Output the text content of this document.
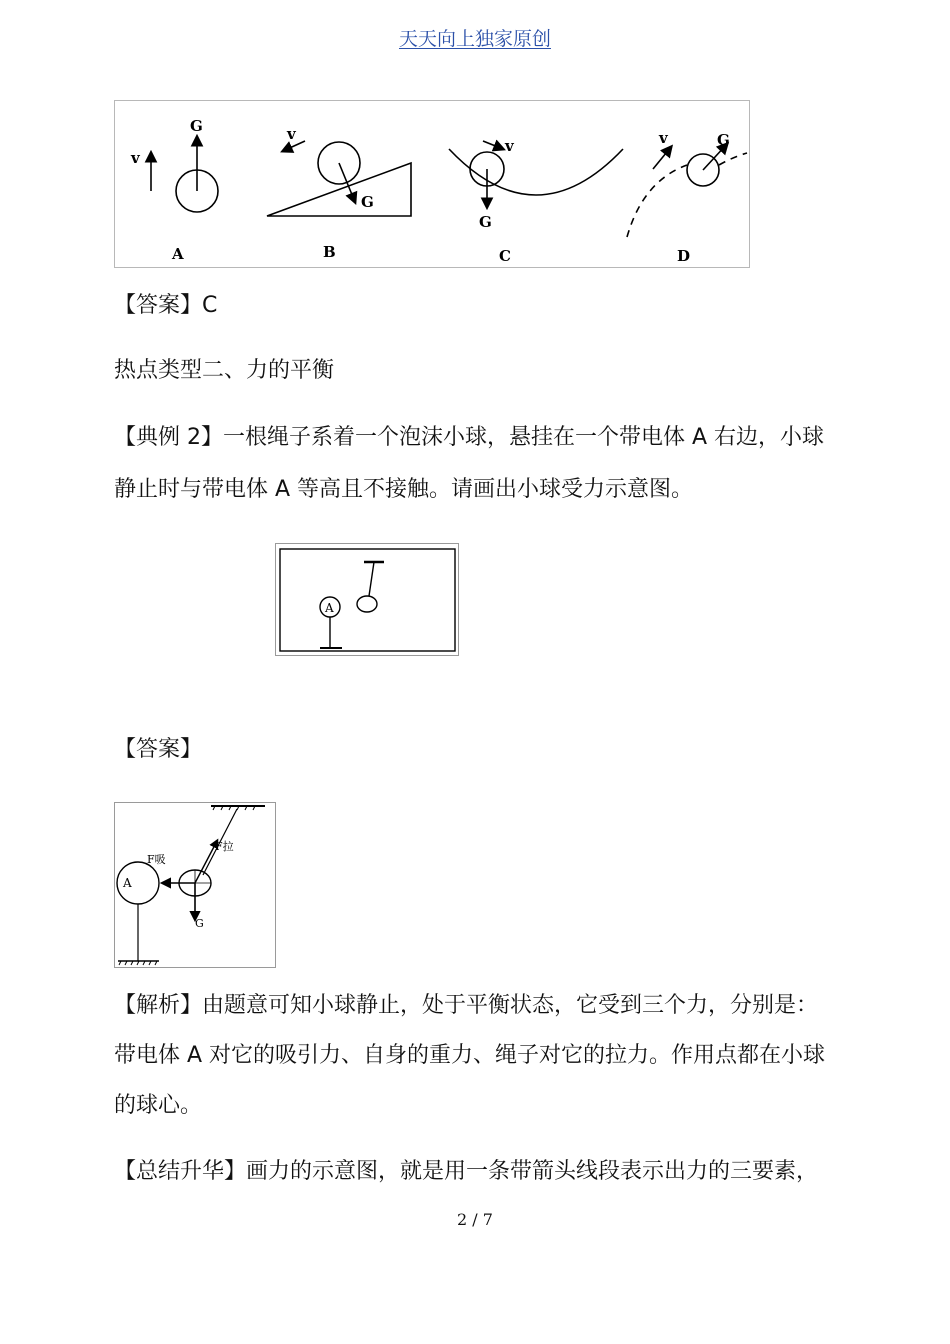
天天向上独家原创
v
G
A
G
v
B
G
v
C
G
v
D
【答案】C
热点类型二、力的平衡
【典例 2】一根绳子系着一个泡沫小球，悬挂在一个带电体 A 右边，小球
静止时与带电体 A 等高且不接触。请画出小球受力示意图。
A
【答案】
F拉
F吸
G
A
【解析】由题意可知小球静止，处于平衡状态，它受到三个力，分别是：
带电体 A 对它的吸引力、自身的重力、绳子对它的拉力。作用点都在小球
的球心。
【总结升华】画力的示意图，就是用一条带箭头线段表示出力的三要素，
2 / 7
